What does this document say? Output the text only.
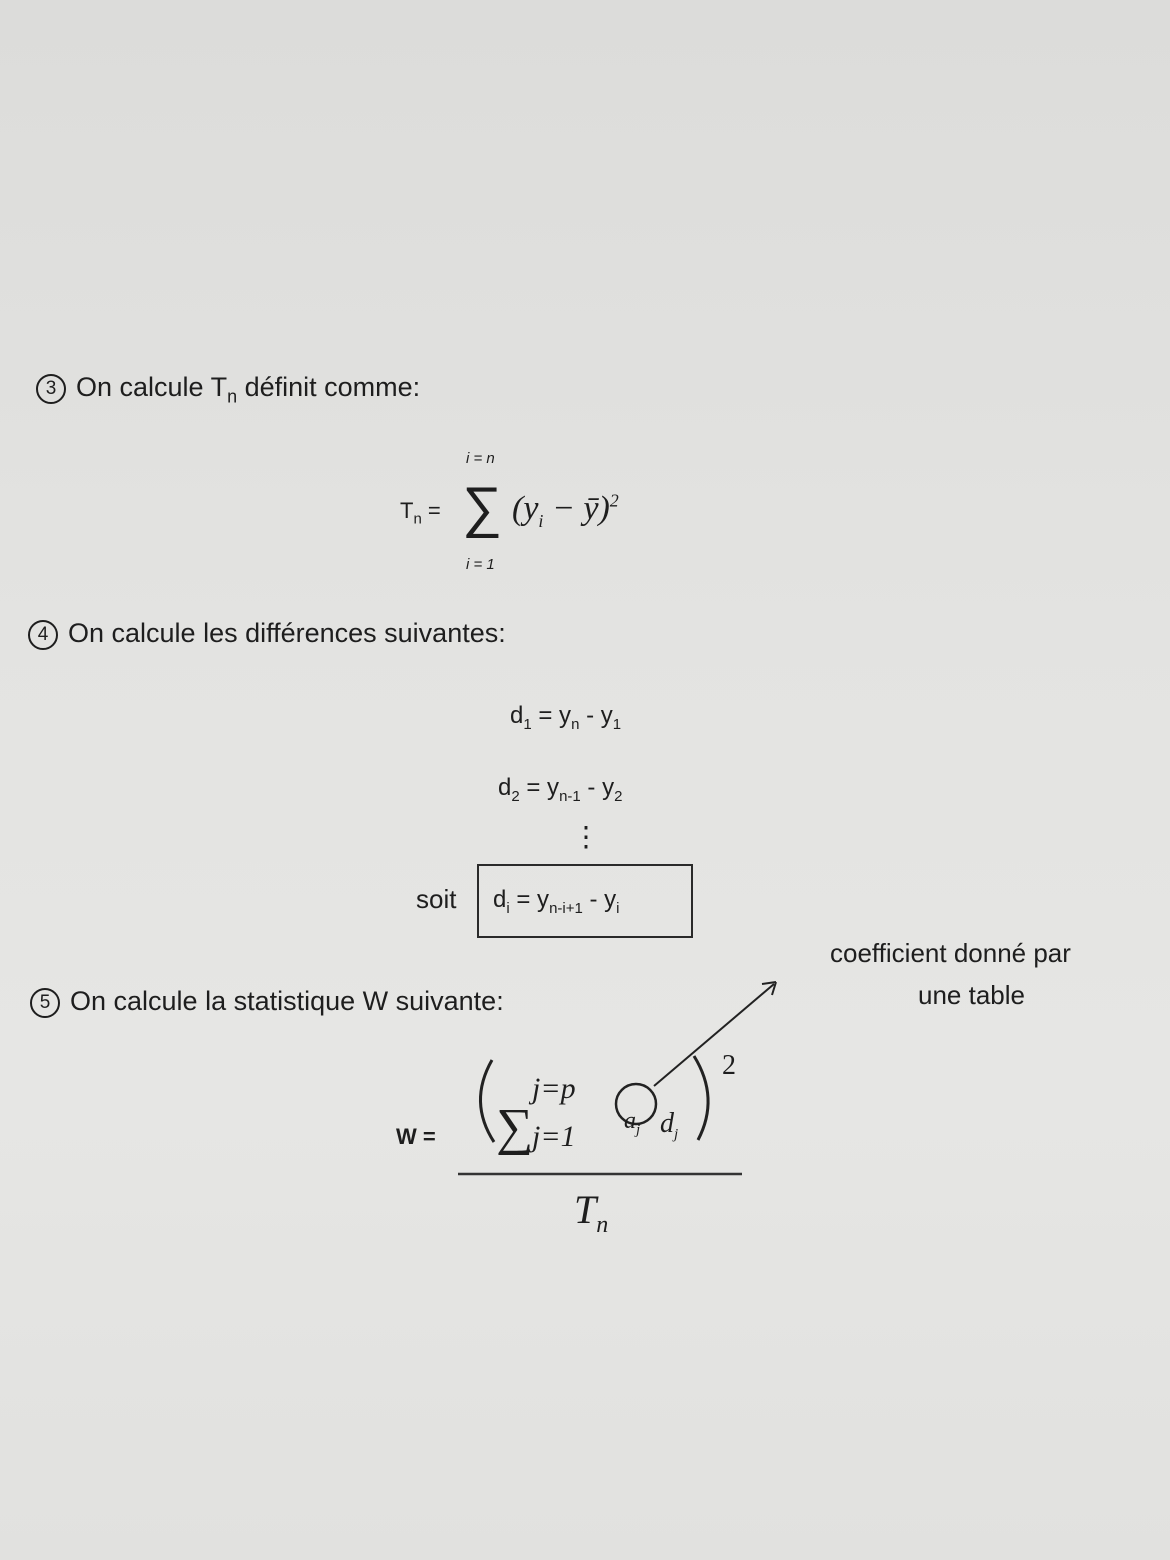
3 On calcule $T_n$ définit comme:
$T_n$ =
i = n
∑
i = 1
($y_i$ − ȳ)$^2$
4 On calcule les différences suivantes:
$d_1 = y_n - y_1$
$d_2 = y_{n-1} - y_2$
⋮
soit $d_i = y_{n-i+1} - y_i$
coefficient donné par
une table
5 On calcule la statistique W suivante:
W = ∑
j=p
j=1 $a_j$ $d_j$
2
$T_n$
